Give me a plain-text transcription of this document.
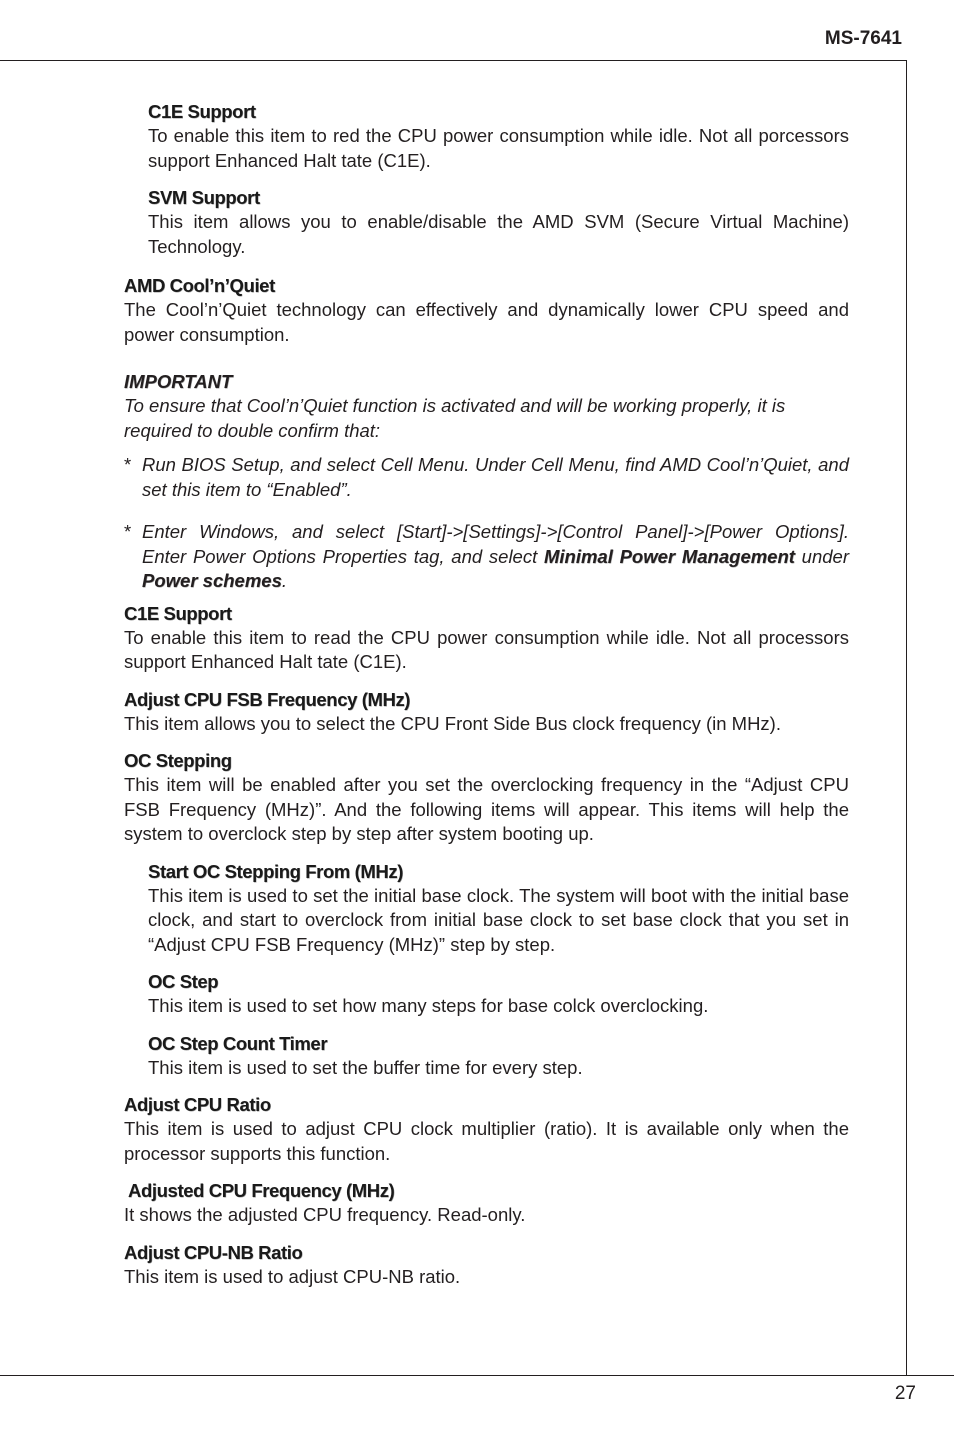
MS-7641
C1E Support

To enable this item to red the CPU power consumption while idle. Not all porcessors support Enhanced Halt tate (C1E).

SVM Support

This item allows you to enable/disable the AMD SVM (Secure Virtual Machine) Technology.

AMD Cool’n’Quiet

The Cool’n’Quiet technology can effectively and dynamically lower CPU speed and power consumption.

IMPORTANT

To ensure that Cool’n’Quiet function is activated and will be working properly, it is required to double confirm that:

* Run BIOS Setup, and select Cell Menu. Under Cell Menu, find AMD Cool’n’Quiet, and set this item to “Enabled”.
* Enter Windows, and select [Start]->[Settings]->[Control Panel]->[Power Options]. Enter Power Options Properties tag, and select Minimal Power Management under Power schemes.
C1E Support

To enable this item to read the CPU power consumption while idle. Not all processors support Enhanced Halt tate (C1E).

Adjust CPU FSB Frequency (MHz)

This item allows you to select the CPU Front Side Bus clock frequency (in MHz).

OC Stepping

This item will be enabled after you set the overclocking frequency in the “Adjust CPU FSB Frequency (MHz)”. And the following items will appear. This items will help the system to overclock step by step after system booting up.

Start OC Stepping From (MHz)

This item is used to set the initial base clock. The system will boot with the initial base clock, and start to overclock from initial base clock to set base clock that you set in “Adjust CPU FSB Frequency (MHz)” step by step.

OC Step

This item is used to set how many steps for base colck overclocking.

OC Step Count Timer

This item is used to set the buffer time for every step.

Adjust CPU Ratio

This item is used to adjust CPU clock multiplier (ratio). It is available only when the processor supports this function.

Adjusted CPU Frequency (MHz)

It shows the adjusted CPU frequency. Read-only.

Adjust CPU-NB Ratio

This item is used to adjust CPU-NB ratio.

27
